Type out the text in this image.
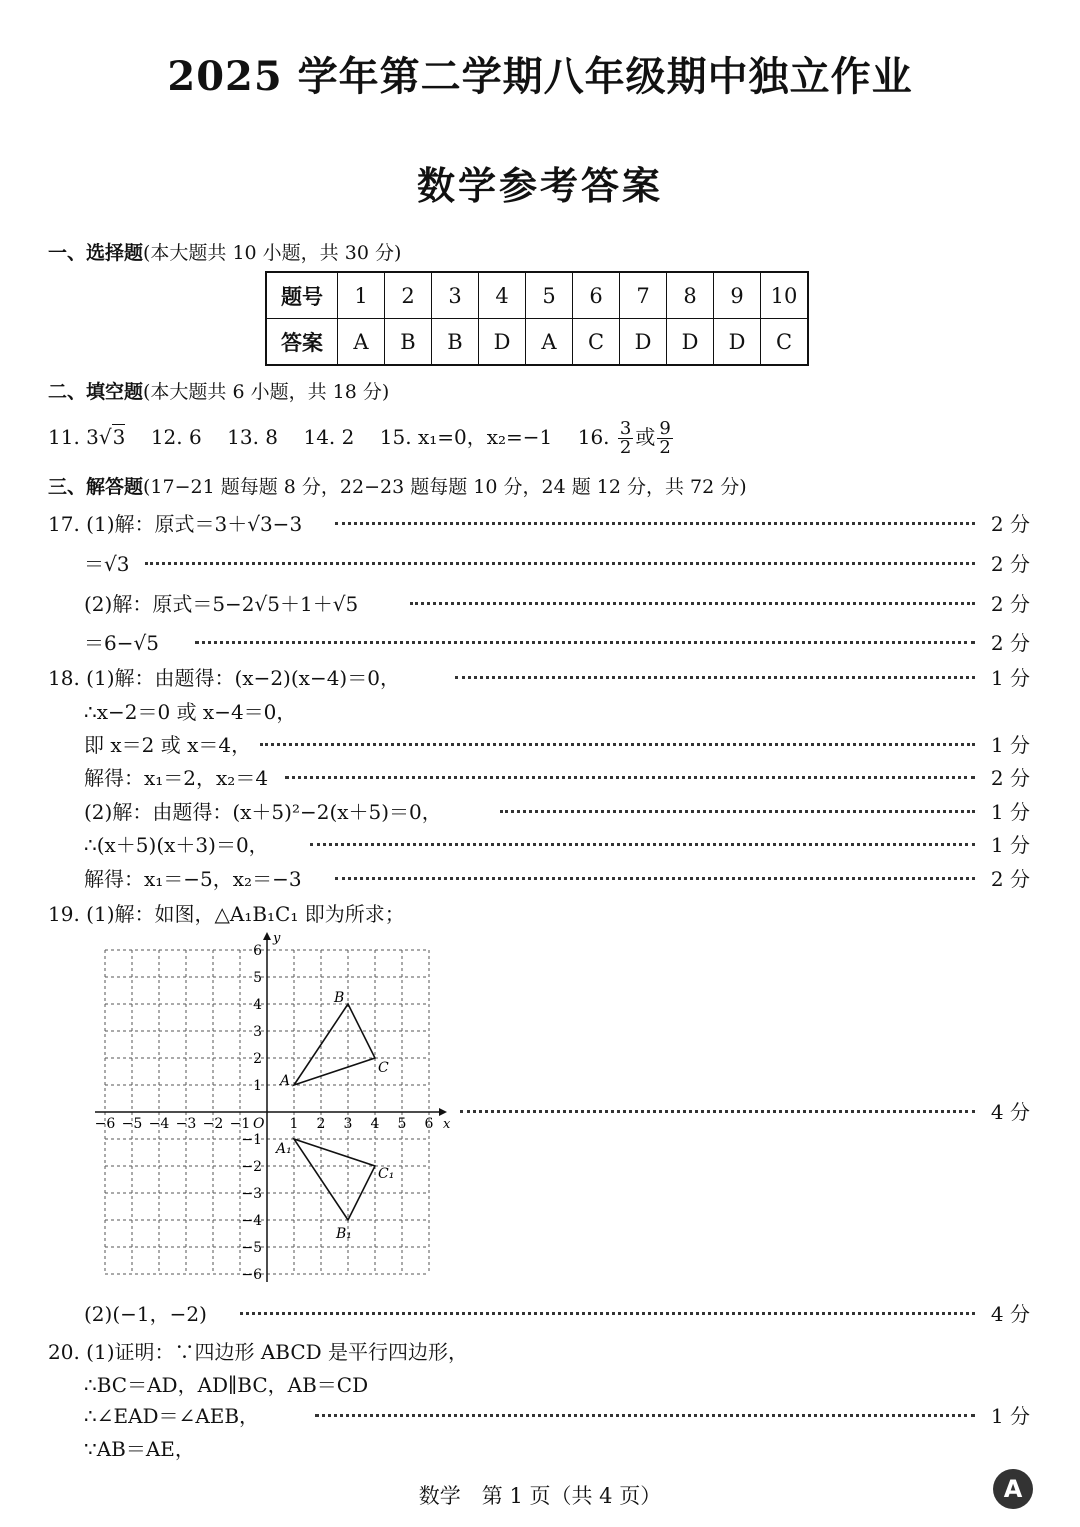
2025 学年第二学期八年级期中独立作业
数学参考答案
一、选择题(本大题共 10 小题，共 30 分)
题号	1	2	3	4	5	6	7	8	9	10
答案	A	B	B	D	A	C	D	D	D	C
二、填空题(本大题共 6 小题，共 18 分)
11. 3√3 12. 6 13. 8 14. 2 15. x₁=0，x₂=−1 16. $\frac{3}{2}$ 或 $\frac{9}{2}$
三、解答题(17−21 题每题 8 分，22−23 题每题 10 分，24 题 12 分，共 72 分)
17. (1)解：原式＝3＋√3−3	2 分
＝√3	2 分
(2)解：原式＝5−2√5＋1＋√5	2 分
＝6−√5	2 分
18. (1)解：由题得：(x−2)(x−4)＝0，	1 分
∴x−2＝0 或 x−4＝0，
即 x＝2 或 x＝4，	1 分
解得：x₁＝2，x₂＝4	2 分
(2)解：由题得：(x＋5)²−2(x＋5)＝0，	1 分
∴(x＋5)(x＋3)＝0，	1 分
解得：x₁＝−5，x₂＝−3	2 分
19. (1)解：如图，△A₁B₁C₁ 即为所求；
x
y
O
−6 −5 −4 −3 −2 −1	1 2 3 4 5 6
1
2
3
4
5
6
−1
−2
−3
−4
−5
−6
A
B
C
A₁
B₁
C₁
4 分
(2)(−1，−2)	4 分
20. (1)证明：∵四边形 ABCD 是平行四边形，
∴BC＝AD，AD∥BC，AB＝CD
∴∠EAD＝∠AEB，	1 分
∵AB＝AE，
数学　第 1 页（共 4 页）	A
